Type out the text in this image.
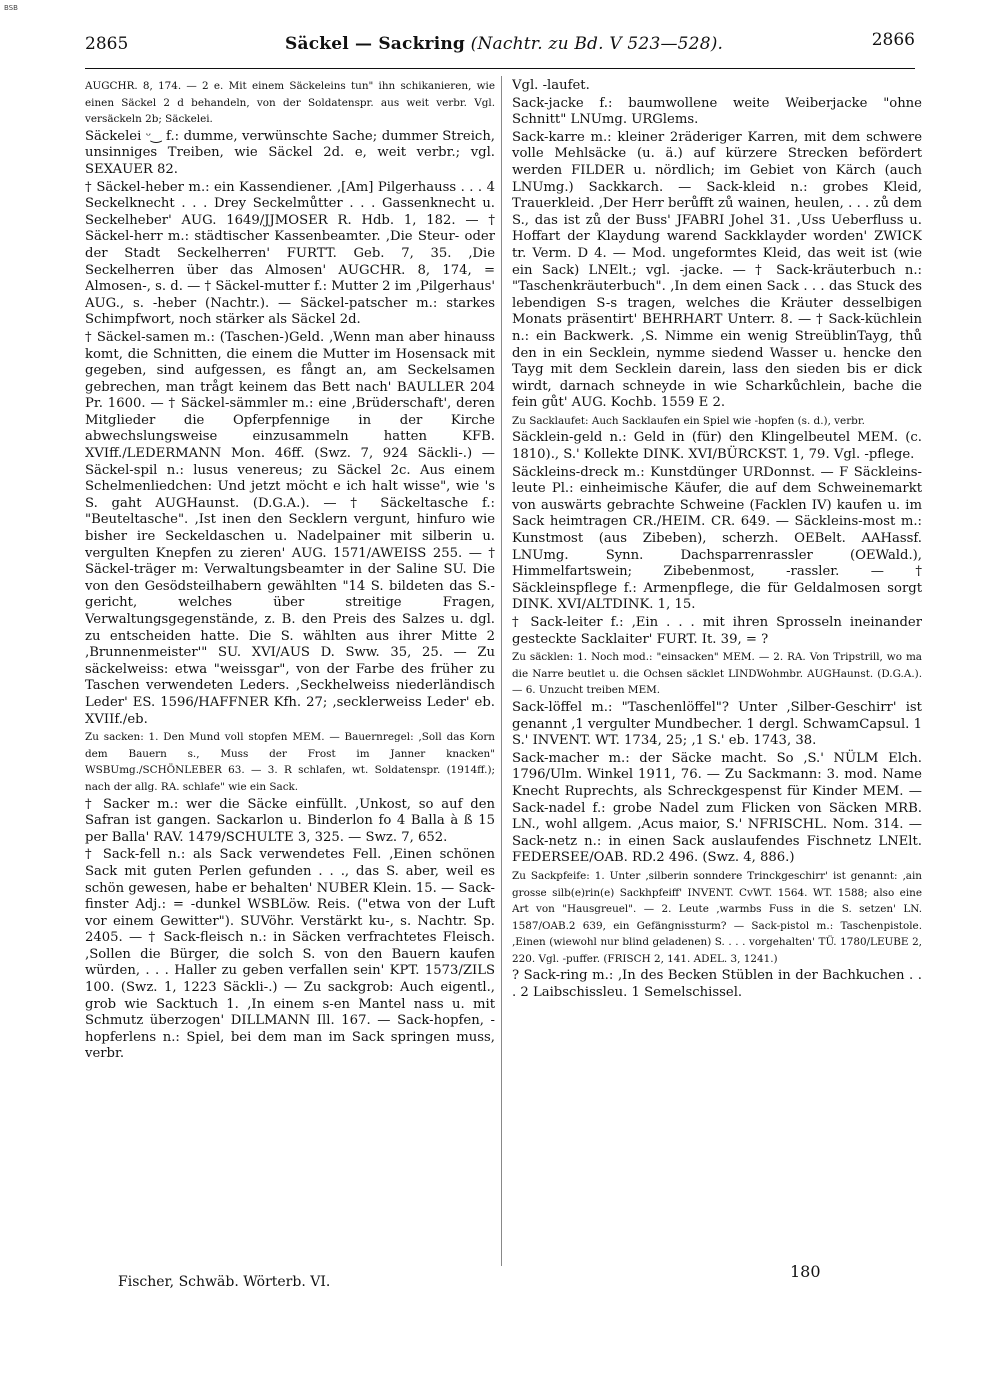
BSB
2865	Säckel — Sackring (Nachtr. zu Bd. V 523—528).	2866

AUGCHR. 8, 174. — 2 e. Mit einem Säckeleins tun" ihn schikanieren, wie einen Säckel 2 d behandeln, von der Soldatenspr. aus weit verbr. Vgl. versäckeln 2b; Säckelei.

Säckelei ᵕ‿ f.: dumme, verwünschte Sache; dummer Streich, unsinniges Treiben, wie Säckel 2d. e, weit verbr.; vgl. SEXAUER 82.

† Säckel-heber m.: ein Kassendiener. ‚[Am] Pilgerhauss . . . 4 Seckelknecht . . . Drey Seckelmůtter . . . Gassenknecht u. Seckelheber' AUG. 1649/JJMOSER R. Hdb. 1, 182. — † Säckel-herr m.: städtischer Kassenbeamter. ‚Die Steur- oder der Stadt Seckelherren' FURTT. Geb. 7, 35. ‚Die Seckelherren über das Almosen' AUGCHR. 8, 174, = Almosen-, s. d. — † Säckel-mutter f.: Mutter 2 im ‚Pilgerhaus' AUG., s. -heber (Nachtr.). — Säckel-patscher m.: starkes Schimpfwort, noch stärker als Säckel 2d.

† Säckel-samen m.: (Taschen-)Geld. ‚Wenn man aber hinauss komt, die Schnitten, die einem die Mutter im Hosensack mit gegeben, sind aufgessen, es fångt an, am Seckelsamen gebrechen, man trågt keinem das Bett nach' BAULLER 204 Pr. 1600. — † Säckel-sämmler m.: eine ‚Brüderschaft', deren Mitglieder die Opferpfennige in der Kirche abwechslungsweise einzusammeln hatten KFB. XVIff./LEDERMANN Mon. 46ff. (Swz. 7, 924 Säckli-.) — Säckel-spil n.: lusus venereus; zu Säckel 2c. Aus einem Schelmenliedchen: Und jetzt möcht e ich halt wisse", wie 's S. gaht AUGHaunst. (D.G.A.). — † Säckeltasche f.: "Beuteltasche". ‚Ist inen den Secklern vergunt, hinfuro wie bisher ire Seckeldaschen u. Nadelpainer mit silberin u. vergulten Knepfen zu zieren' AUG. 1571/AWEISS 255. — † Säckel-träger m: Verwaltungsbeamter in der Saline SU. Die von den Gesödsteilhabern gewählten "14 S. bildeten das S.-gericht, welches über streitige Fragen, Verwaltungsgegenstände, z. B. den Preis des Salzes u. dgl. zu entscheiden hatte. Die S. wählten aus ihrer Mitte 2 ‚Brunnenmeister'" SU. XVI/AUS D. Sww. 35, 25. — Zu säckelweiss: etwa "weissgar", von der Farbe des früher zu Taschen verwendeten Leders. ‚Seckhelweiss niederländisch Leder' ES. 1596/HAFFNER Kfh. 27; ‚secklerweiss Leder' eb. XVIIf./eb.

Zu sacken: 1. Den Mund voll stopfen MEM. — Bauernregel: ‚Soll das Korn dem Bauern s., Muss der Frost im Janner knacken" WSBUmg./SCHÖNLEBER 63. — 3. R schlafen, wt. Soldatenspr. (1914ff.); nach der allg. RA. schlafe" wie ein Sack.

† Sacker m.: wer die Säcke einfüllt. ‚Unkost, so auf den Safran ist gangen. Sackarlon u. Binderlon fo 4 Balla à ß 15 per Balla' RAV. 1479/SCHULTE 3, 325. — Swz. 7, 652.

† Sack-fell n.: als Sack verwendetes Fell. ‚Einen schönen Sack mit guten Perlen gefunden . . ., das S. aber, weil es schön gewesen, habe er behalten' NUBER Klein. 15. — Sack-finster Adj.: = -dunkel WSBLöw. Reis. ("etwa von der Luft vor einem Gewitter"). SUVöhr. Verstärkt ku-, s. Nachtr. Sp. 2405. — † Sack-fleisch n.: in Säcken verfrachtetes Fleisch. ‚Sollen die Bürger, die solch S. von den Bauern kaufen würden, . . . Haller zu geben verfallen sein' KPT. 1573/ZILS 100. (Swz. 1, 1223 Säckli-.) — Zu sackgrob: Auch eigentl., grob wie Sacktuch 1. ‚In einem s-en Mantel nass u. mit Schmutz überzogen' DILLMANN Ill. 167. — Sack-hopfen, -hopferlens n.: Spiel, bei dem man im Sack springen muss, verbr.

Vgl. -laufet.

Sack-jacke f.: baumwollene weite Weiberjacke "ohne Schnitt" LNUmg. URGlems.

Sack-karre m.: kleiner 2räderiger Karren, mit dem schwere volle Mehlsäcke (u. ä.) auf kürzere Strecken befördert werden FILDER u. nördlich; im Gebiet von Kärch (auch LNUmg.) Sackkarch. — Sack-kleid n.: grobes Kleid, Trauerkleid. ‚Der Herr berůfft zů wainen, heulen, . . . zů dem S., das ist zů der Buss' JFABRI Johel 31. ‚Uss Ueberfluss u. Hoffart der Klaydung warend Sackklayder worden' ZWICK tr. Verm. D 4. — Mod. ungeformtes Kleid, das weit ist (wie ein Sack) LNElt.; vgl. -jacke. — † Sack-kräuterbuch n.: "Taschenkräuterbuch". ‚In dem einen Sack . . . das Stuck des lebendigen S-s tragen, welches die Kräuter desselbigen Monats präsentirt' BEHRHART Unterr. 8. — † Sack-küchlein n.: ein Backwerk. ‚S. Nimme ein wenig StreüblinTayg, thů den in ein Secklein, nymme siedend Wasser u. hencke den Tayg mit dem Secklein darein, lass den sieden bis er dick wirdt, darnach schneyde in wie Scharkůchlein, bache die fein gůt' AUG. Kochb. 1559 E 2.

Zu Sacklaufet: Auch Sacklaufen ein Spiel wie -hopfen (s. d.), verbr.

Säcklein-geld n.: Geld in (für) den Klingelbeutel MEM. (c. 1810)., S.' Kollekte DINK. XVI/BÜRCKST. 1, 79. Vgl. -pflege.

Säckleins-dreck m.: Kunstdünger URDonnst. — F Säckleins-leute Pl.: einheimische Käufer, die auf dem Schweinemarkt von auswärts gebrachte Schweine (Facklen IV) kaufen u. im Sack heimtragen CR./HEIM. CR. 649. — Säckleins-most m.: Kunstmost (aus Zibeben), scherzh. OEBelt. AAHassf. LNUmg. Synn. Dachsparrenrassler (OEWald.), Himmelfartswein; Zibebenmost, -rassler. — † Säckleinspflege f.: Armenpflege, die für Geldalmosen sorgt DINK. XVI/ALTDINK. 1, 15.

† Sack-leiter f.: ‚Ein . . . mit ihren Sprosseln ineinander gesteckte Sacklaiter' FURT. It. 39, = ?

Zu säcklen: 1. Noch mod.: "einsacken" MEM. — 2. RA. Von Tripstrill, wo ma die Narre beutlet u. die Ochsen säcklet LINDWohmbr. AUGHaunst. (D.G.A.). — 6. Unzucht treiben MEM.

Sack-löffel m.: "Taschenlöffel"? Unter ‚Silber-Geschirr' ist genannt ‚1 vergulter Mundbecher. 1 dergl. SchwamCapsul. 1 S.' INVENT. WT. 1734, 25; ‚1 S.' eb. 1743, 38.

Sack-macher m.: der Säcke macht. So ‚S.' NÜLM Elch. 1796/Ulm. Winkel 1911, 76. — Zu Sackmann: 3. mod. Name Knecht Ruprechts, als Schreckgespenst für Kinder MEM. — Sack-nadel f.: grobe Nadel zum Flicken von Säcken MRB. LN., wohl allgem. ‚Acus maior, S.' NFRISCHL. Nom. 314. — Sack-netz n.: in einen Sack auslaufendes Fischnetz LNElt. FEDERSEE/OAB. RD.2 496. (Swz. 4, 886.)

Zu Sackpfeife: 1. Unter ‚silberin sonndere Trinckgeschirr' ist genannt: ‚ain grosse silb(e)rin(e) Sackhpfeiff' INVENT. CvWT. 1564. WT. 1588; also eine Art von "Hausgreuel". — 2. Leute ‚warmbs Fuss in die S. setzen' LN. 1587/OAB.2 639, ein Gefängnissturm? — Sack-pistol m.: Taschenpistole. ‚Einen (wiewohl nur blind geladenen) S. . . . vorgehalten' TÜ. 1780/LEUBE 2, 220. Vgl. -puffer. (FRISCH 2, 141. ADEL. 3, 1241.)

? Sack-ring m.: ‚In des Becken Stüblen in der Bachkuchen . . . 2 Laibschissleu. 1 Semelschissel.

Fischer, Schwäb. Wörterb. VI.
180
